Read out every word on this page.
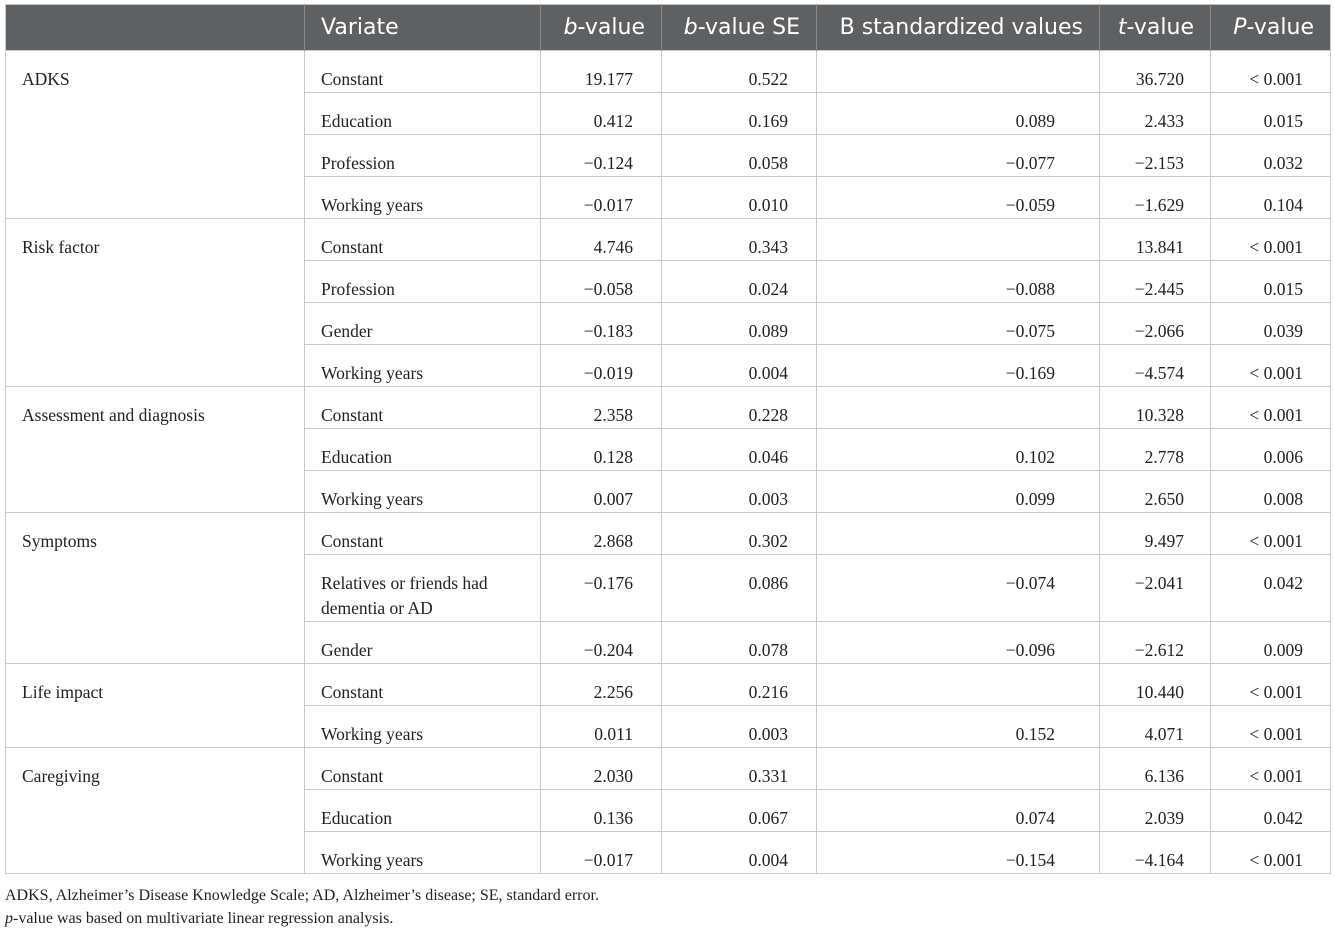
	Variate	b-value	b-value SE	B standardized values	t-value	P-value
ADKS	Constant	19.177	0.522		36.720	< 0.001
	Education	0.412	0.169	0.089	2.433	0.015
	Profession	−0.124	0.058	−0.077	−2.153	0.032
	Working years	−0.017	0.010	−0.059	−1.629	0.104
Risk factor	Constant	4.746	0.343		13.841	< 0.001
	Profession	−0.058	0.024	−0.088	−2.445	0.015
	Gender	−0.183	0.089	−0.075	−2.066	0.039
	Working years	−0.019	0.004	−0.169	−4.574	< 0.001
Assessment and diagnosis	Constant	2.358	0.228		10.328	< 0.001
	Education	0.128	0.046	0.102	2.778	0.006
	Working years	0.007	0.003	0.099	2.650	0.008
Symptoms	Constant	2.868	0.302		9.497	< 0.001
	Relatives or friends had dementia or AD	−0.176	0.086	−0.074	−2.041	0.042
	Gender	−0.204	0.078	−0.096	−2.612	0.009
Life impact	Constant	2.256	0.216		10.440	< 0.001
	Working years	0.011	0.003	0.152	4.071	< 0.001
Caregiving	Constant	2.030	0.331		6.136	< 0.001
	Education	0.136	0.067	0.074	2.039	0.042
	Working years	−0.017	0.004	−0.154	−4.164	< 0.001

ADKS, Alzheimer’s Disease Knowledge Scale; AD, Alzheimer’s disease; SE, standard error.

p-value was based on multivariate linear regression analysis.
